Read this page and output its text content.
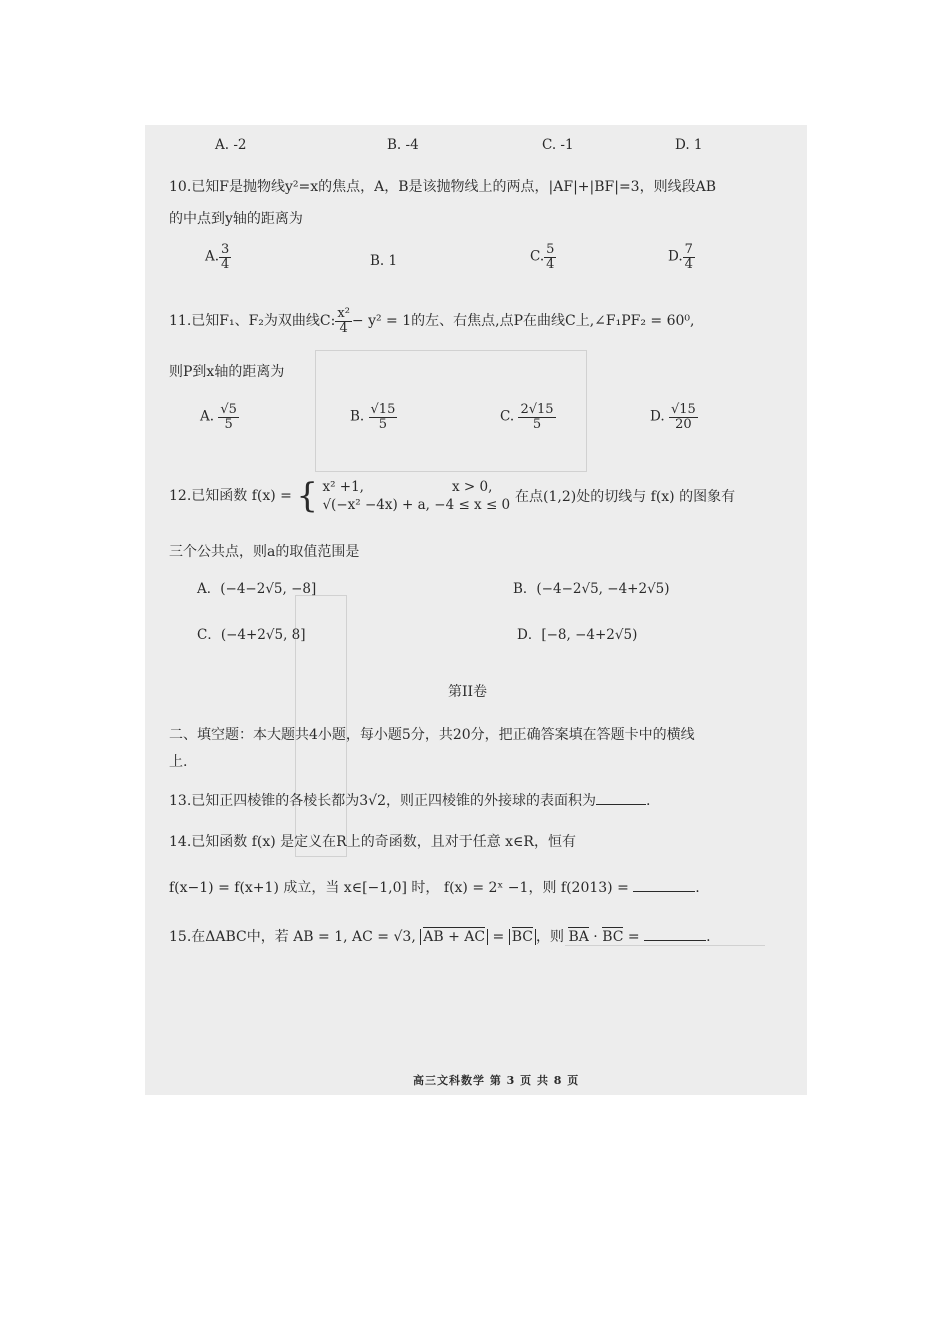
A. -2	B. -4	C. -1	D. 1
10.已知F是抛物线y²=x的焦点，A，B是该抛物线上的两点，|AF|+|BF|=3，则线段AB
的中点到y轴的距离为
A. $\frac{3}{4}$	B. 1	C. $\frac{5}{4}$	D. $\frac{7}{4}$
11.已知F₁、F₂为双曲线C: $\frac{\text{x²}}{4} - y^2 = 1$的左、右焦点,点P在曲线C上,∠F₁PF₂ = 60⁰,
则P到x轴的距离为
A. $\frac{√5}{5}$	B. $\frac{√15}{5}$	C. $\frac{2√15}{5}$	D. $\frac{√15}{20}$
12.已知函数 f(x) = { x² +1,	x > 0,
√(−x² −4x) + a, −4 ≤ x ≤ 0
在点(1,2)处的切线与 f(x) 的图象有
三个公共点，则a的取值范围是
A．(−4−2√5, −8]	B．(−4−2√5, −4+2√5)
C．(−4+2√5, 8]	D．[−8, −4+2√5)
第II卷
二、填空题：本大题共4小题，每小题5分，共20分，把正确答案填在答题卡中的横线
上.
13.已知正四棱锥的各棱长都为3√2，则正四棱锥的外接球的表面积为	.
14.已知函数 f(x) 是定义在R上的奇函数，且对于任意 x∈R，恒有
f(x−1) = f(x+1) 成立，当 x∈[−1,0] 时， f(x) = 2ˣ −1，则 f(2013) =	.
15.在ΔABC中，若 AB = 1, AC = √3, AB + AC = BC ，则 BA · BC =	.
高三文科数学 第 3 页 共 8 页
